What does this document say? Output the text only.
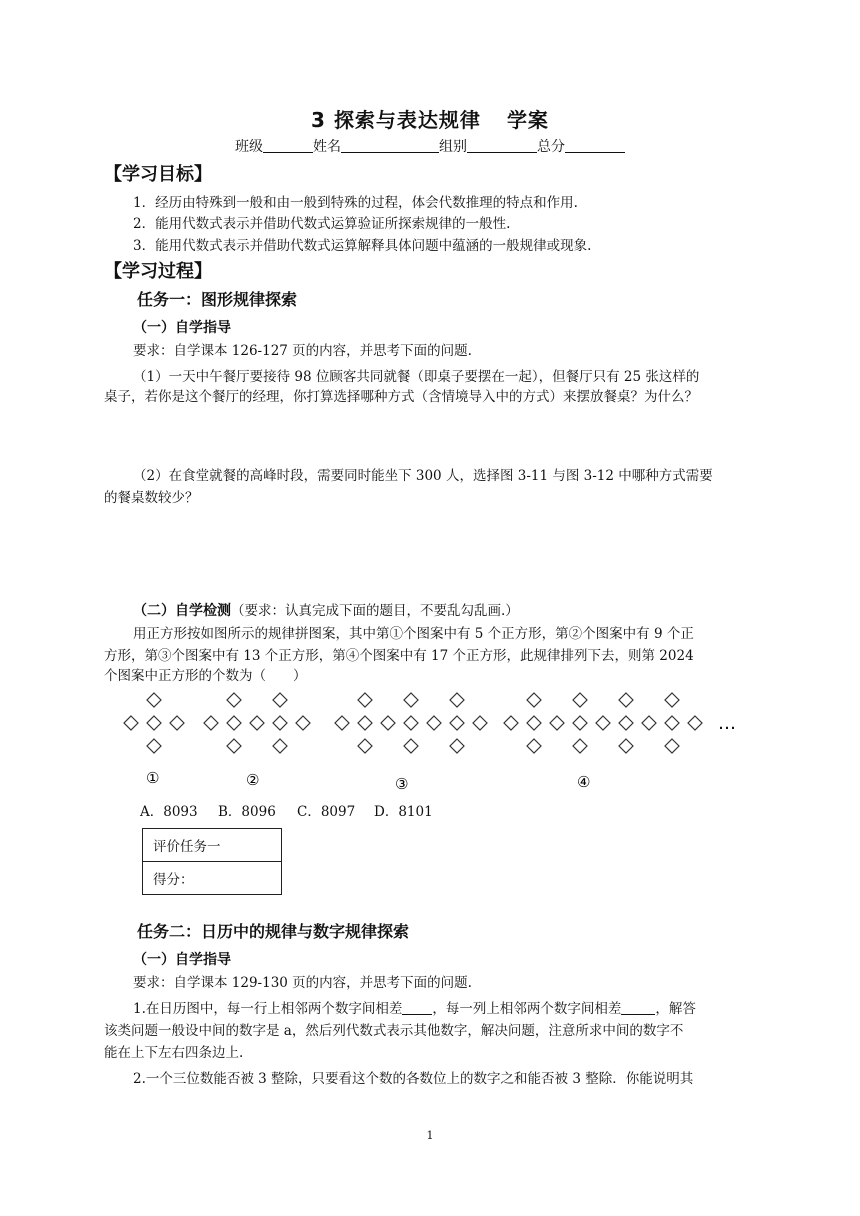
3 探索与表达规律 学案
班级	姓名	组别	总分
【学习目标】
1．经历由特殊到一般和由一般到特殊的过程，体会代数推理的特点和作用.
2．能用代数式表示并借助代数式运算验证所探索规律的一般性.
3．能用代数式表示并借助代数式运算解释具体问题中蕴涵的一般规律或现象.
【学习过程】
任务一：图形规律探索
（一）自学指导
要求：自学课本 126-127 页的内容，并思考下面的问题.
（1）一天中午餐厅要接待 98 位顾客共同就餐（即桌子要摆在一起），但餐厅只有 25 张这样的
桌子，若你是这个餐厅的经理，你打算选择哪种方式（含情境导入中的方式）来摆放餐桌？为什么？
（2）在食堂就餐的高峰时段，需要同时能坐下 300 人，选择图 3-11 与图 3-12 中哪种方式需要
的餐桌数较少？
（二）自学检测（要求：认真完成下面的题目，不要乱勾乱画.）
用正方形按如图所示的规律拼图案，其中第①个图案中有 5 个正方形，第②个图案中有 9 个正
方形，第③个图案中有 13 个正方形，第④个图案中有 17 个正方形，此规律排列下去，则第 2024
个图案中正方形的个数为（　　）
…
①	②	③	④
A．8093 B．8096 C．8097 D．8101
评价任务一
得分：
任务二：日历中的规律与数字规律探索
（一）自学指导
要求：自学课本 129-130 页的内容，并思考下面的问题.
1.在日历图中，每一行上相邻两个数字间相差 ，每一列上相邻两个数字间相差	，解答
该类问题一般设中间的数字是 a，然后列代数式表示其他数字，解决问题，注意所求中间的数字不
能在上下左右四条边上.
2.一个三位数能否被 3 整除，只要看这个数的各数位上的数字之和能否被 3 整除．你能说明其
1
